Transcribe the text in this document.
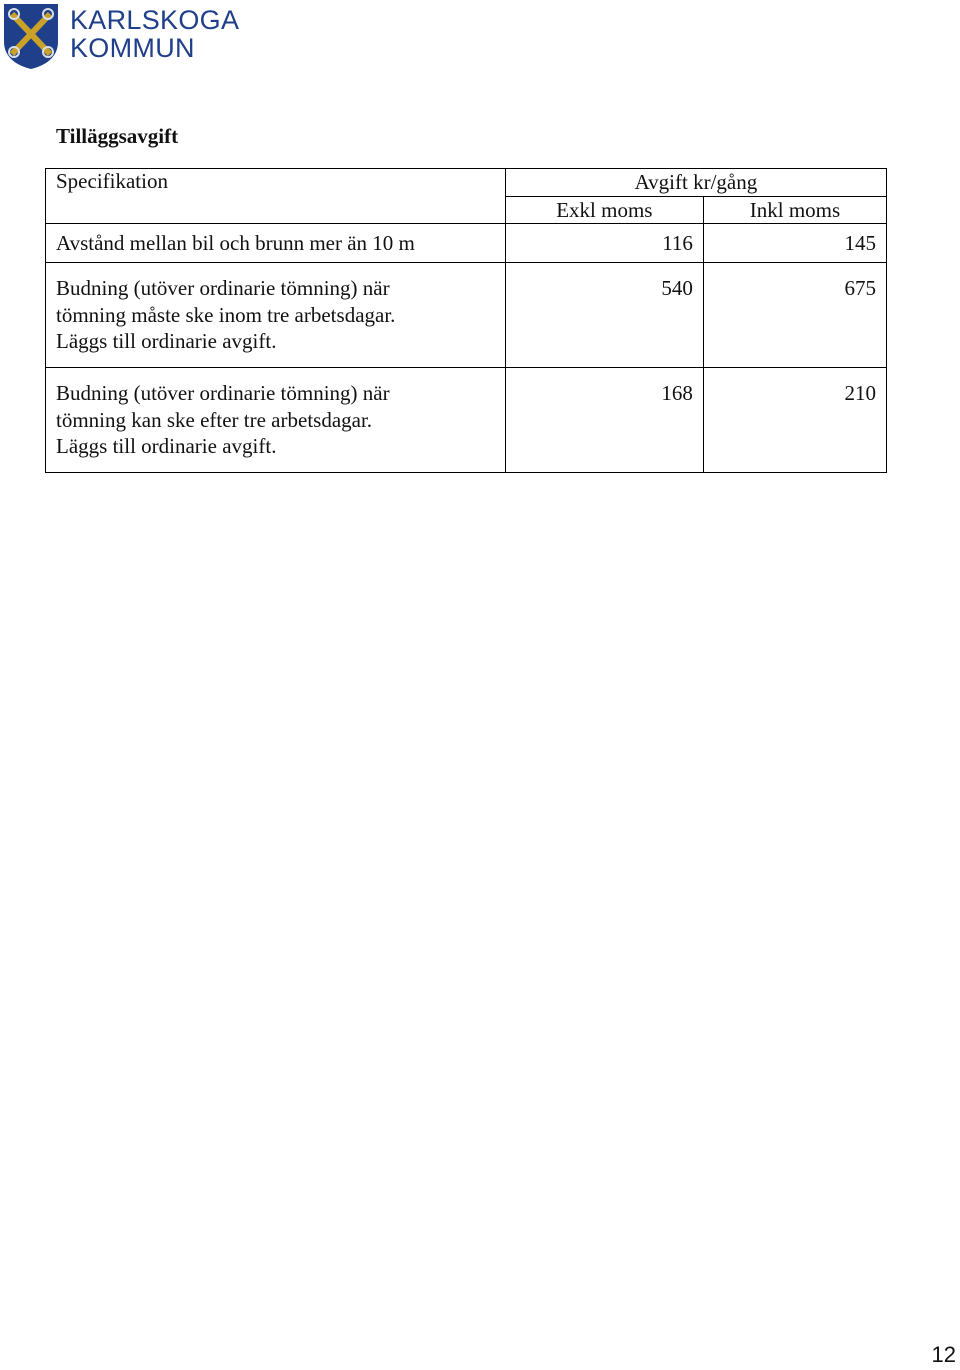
KARLSKOGA
KOMMUN
Tilläggsavgift
Specifikation	Avgift kr/gång	
	Exkl moms	Inkl moms
Avstånd mellan bil och brunn mer än 10 m	116	145

Budning (utöver ordinarie tömning) när
tömning måste ske inom tre arbetsdagar.
Läggs till ordinarie avgift.	540	675

Budning (utöver ordinarie tömning) när
tömning kan ske efter tre arbetsdagar.
Läggs till ordinarie avgift.	168	210
12
